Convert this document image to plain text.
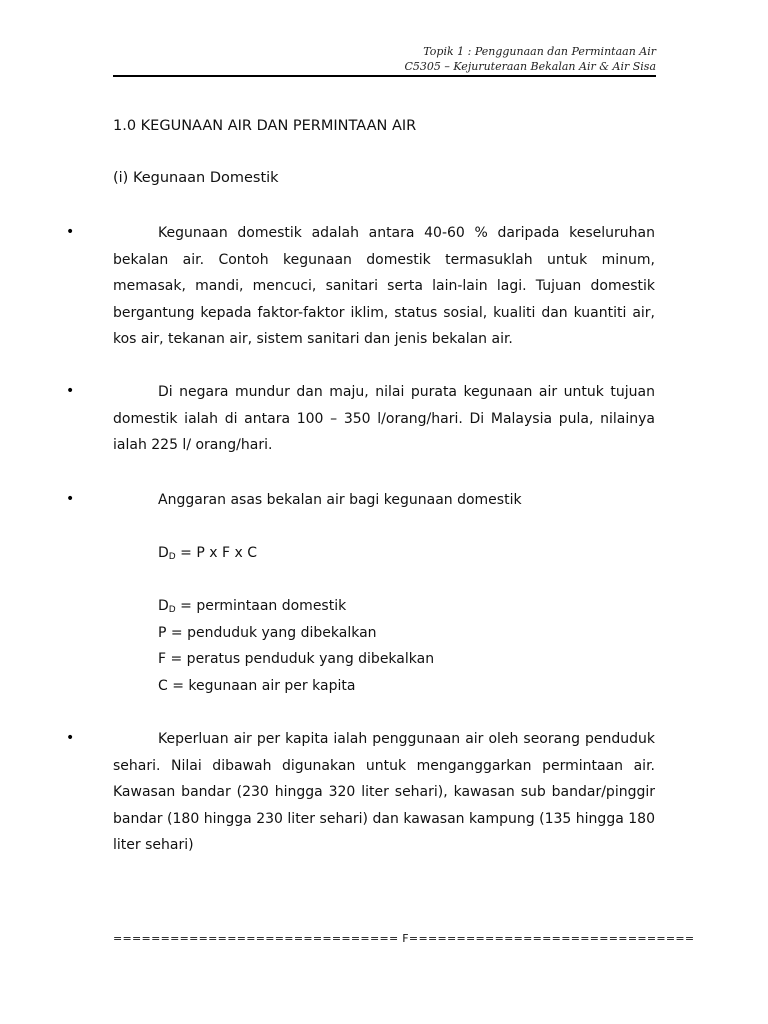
Topik 1 : Penggunaan dan Permintaan Air
C5305 – Kejuruteraan Bekalan Air & Air Sisa
1.0 KEGUNAAN AIR DAN PERMINTAAN AIR
(i) Kegunaan Domestik
•	Kegunaan domestik adalah antara 40-60 % daripada keseluruhan bekalan air. Contoh kegunaan domestik termasuklah untuk minum, memasak, mandi, mencuci, sanitari serta lain-lain lagi. Tujuan domestik bergantung kepada faktor-faktor iklim, status sosial, kualiti dan kuantiti air, kos air, tekanan air, sistem sanitari dan jenis bekalan air.
•	Di negara mundur dan maju, nilai purata kegunaan air untuk tujuan domestik ialah di antara 100 – 350 l/orang/hari. Di Malaysia pula, nilainya ialah 225 l/ orang/hari.
•	Anggaran asas bekalan air bagi kegunaan domestik
$D_D = P$ x F x C
$D_D$ = permintaan domestik
P = penduduk yang dibekalkan
F = peratus penduduk yang dibekalkan
C = kegunaan air per kapita
•	Keperluan air per kapita ialah penggunaan air oleh seorang penduduk sehari. Nilai dibawah digunakan untuk menganggarkan permintaan air. Kawasan bandar (230 hingga 320 liter sehari), kawasan sub bandar/pinggir bandar (180 hingga 230 liter sehari) dan kawasan kampung (135 hingga 180 liter sehari)
============================== F==============================
